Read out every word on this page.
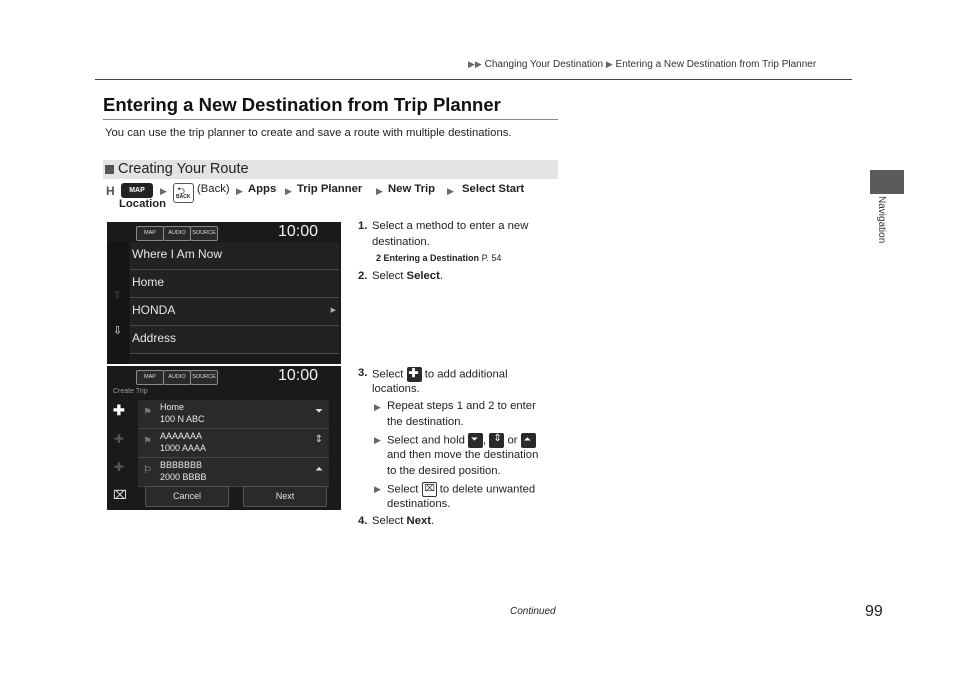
▶▶ Changing Your Destination ▶ Entering a New Destination from Trip Planner
Navigation
Entering a New Destination from Trip Planner
You can use the trip planner to create and save a route with multiple destinations.
Creating Your Route
H	MAP	▶ ⮌
BACK
(Back) ▶ Apps ▶ Trip Planner ▶ New Trip ▶ Select Start
Location
MAP	AUDIO	SOURCE	10:00
⇧
⇩
Where I Am Now
Home
HONDA	▶
Address
1. Select a method to enter a new
destination.
2 Entering a Destination P. 54
2. Select Select.
MAP	AUDIO	SOURCE	10:00
Create Trip
✚
✚
✚
⌧
⚑ Home
100 N ABC
⏷
⚑ AAAAAAA
1000 AAAA
⇕
⚐ BBBBBBB
2000 BBBB
⏶
Cancel	Next
3. Select ✚ to add additional
locations.
▶ Repeat steps 1 and 2 to enter
the destination.
▶ Select and hold ⏷ , ⇕ or ⏶
and then move the destination
to the desired position.
▶ Select ⌧ to delete unwanted
destinations.
4. Select Next.
Continued	99
